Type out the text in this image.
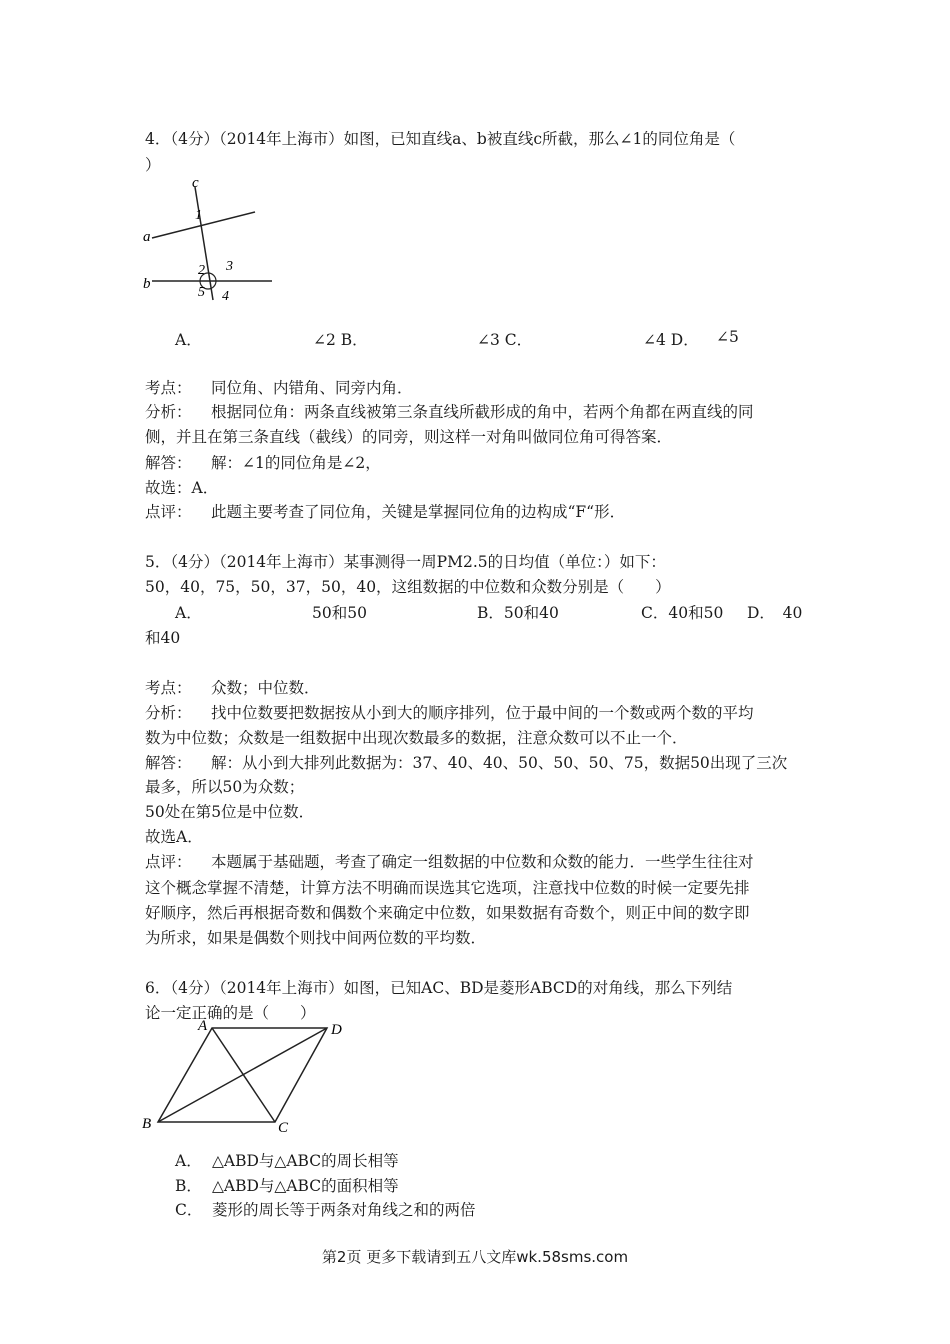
4．（4分）（2014年上海市）如图，已知直线a、b被直线c所截，那么∠1的同位角是（
）
c
a
b
1
2 3
5 4
A．	∠2 B．	∠3 C．	∠4 D． ∠5
考点： 同位角、内错角、同旁内角．
分析： 根据同位角：两条直线被第三条直线所截形成的角中，若两个角都在两直线的同
侧，并且在第三条直线（截线）的同旁，则这样一对角叫做同位角可得答案．
解答： 解：∠1的同位角是∠2，
故选：A．
点评： 此题主要考查了同位角，关键是掌握同位角的边构成“F“形．
5．（4分）（2014年上海市）某事测得一周PM2.5的日均值（单位：）如下：
50，40，75，50，37，50，40，这组数据的中位数和众数分别是（　　）
A．	50和50	B．50和40	C．40和50 D．　40
和40
考点： 众数；中位数．
分析： 找中位数要把数据按从小到大的顺序排列，位于最中间的一个数或两个数的平均
数为中位数；众数是一组数据中出现次数最多的数据，注意众数可以不止一个．
解答： 解：从小到大排列此数据为：37、40、40、50、50、50、75，数据50出现了三次
最多，所以50为众数；
50处在第5位是中位数．
故选A．
点评： 本题属于基础题，考查了确定一组数据的中位数和众数的能力．一些学生往往对
这个概念掌握不清楚，计算方法不明确而误选其它选项，注意找中位数的时候一定要先排
好顺序，然后再根据奇数和偶数个来确定中位数，如果数据有奇数个，则正中间的数字即
为所求，如果是偶数个则找中间两位数的平均数．
6．（4分）（2014年上海市）如图，已知AC、BD是菱形ABCD的对角线，那么下列结
论一定正确的是（　　）
A	D
B	C
A． △ABD与△ABC的周长相等
B． △ABD与△ABC的面积相等
C． 菱形的周长等于两条对角线之和的两倍
第2页 更多下载请到五八文库wk.58sms.com
